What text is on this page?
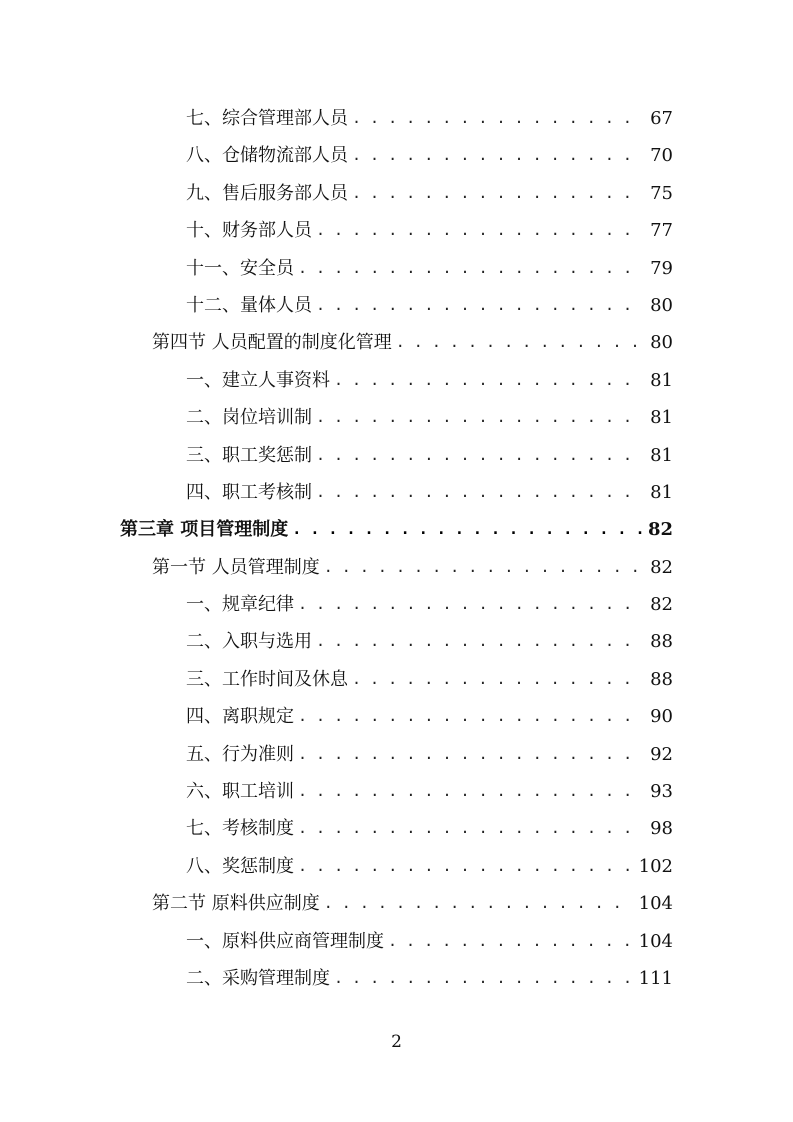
七、综合管理部人员 . . .	67
八、仓储物流部人员 . . .	70
九、售后服务部人员 . . .	75
十、财务部人员 . . .	77
十一、安全员 . . .	79
十二、量体人员 . . .	80
第四节 人员配置的制度化管理 . . .	80
一、建立人事资料 . . .	81
二、岗位培训制 . . .	81
三、职工奖惩制 . . .	81
四、职工考核制 . . .	81
第三章 项目管理制度 . . .	82
第一节 人员管理制度 . . .	82
一、规章纪律 . . .	82
二、入职与选用 . . .	88
三、工作时间及休息 . . .	88
四、离职规定 . . .	90
五、行为准则 . . .	92
六、职工培训 . . .	93
七、考核制度 . . .	98
八、奖惩制度 . . .	102
第二节 原料供应制度 . . .	104
一、原料供应商管理制度 . . .	104
二、采购管理制度 . . .	111
2
